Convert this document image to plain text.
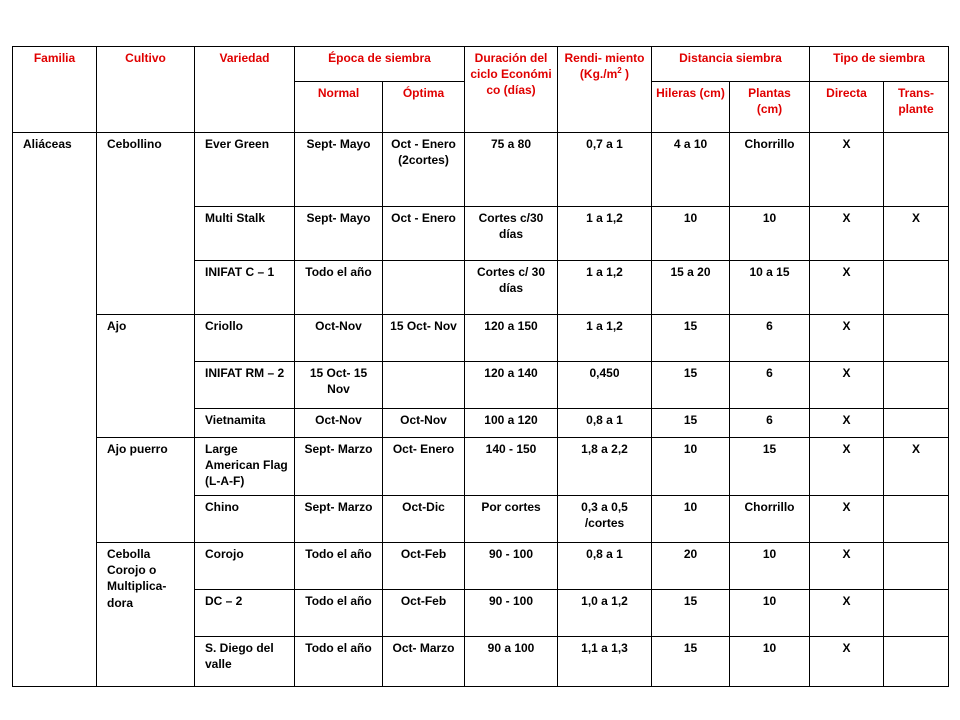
Familia	Cultivo	Variedad	Época de siembra		Duración del ciclo Económi co (días)	Rendi- miento ($Kg./m^2$ )	Distancia siembra		Tipo de siembra	
			Normal	Óptima			Hileras (cm)	Plantas (cm)	Directa	Trans- plante
Aliáceas	Cebollino	Ever Green	Sept- Mayo	Oct - Enero (2cortes)	75 a 80	0,7 a 1	4 a 10	Chorrillo	X	
		Multi Stalk	Sept- Mayo	Oct - Enero	Cortes c/30 días	1 a 1,2	10	10	X	X
		INIFAT C – 1	Todo el año		Cortes c/ 30 días	1 a 1,2	15 a 20	10 a 15	X	
	Ajo	Criollo	Oct-Nov	15 Oct- Nov	120 a 150	1 a 1,2	15	6	X	
		INIFAT RM – 2	15 Oct- 15 Nov		120 a 140	0,450	15	6	X	
		Vietnamita	Oct-Nov	Oct-Nov	100 a 120	0,8 a 1	15	6	X	
	Ajo puerro	Large American Flag (L-A-F)	Sept- Marzo	Oct- Enero	140 - 150	1,8 a 2,2	10	15	X	X
		Chino	Sept- Marzo	Oct-Dic	Por cortes	0,3 a 0,5 /cortes	10	Chorrillo	X	
	Cebolla Corojo o Multiplica- dora	Corojo	Todo el año	Oct-Feb	90 - 100	0,8 a 1	20	10	X	
		DC – 2	Todo el año	Oct-Feb	90 - 100	1,0 a 1,2	15	10	X	
		S. Diego del valle	Todo el año	Oct- Marzo	90 a 100	1,1 a 1,3	15	10	X	
